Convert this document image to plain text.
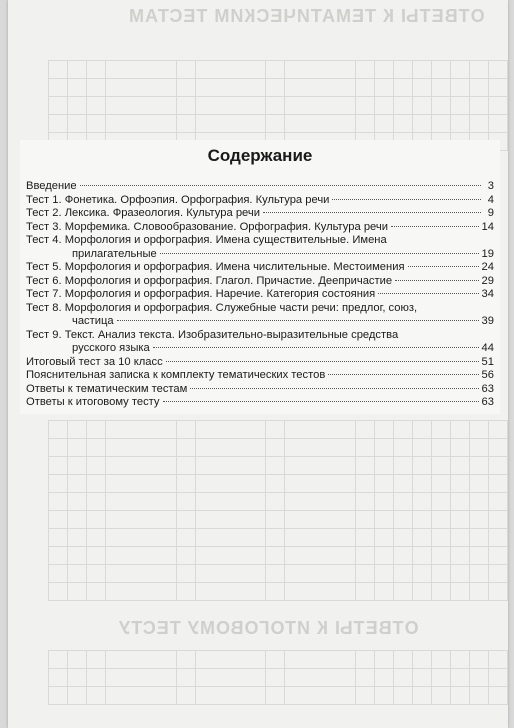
ОТВЕТЫ К ТЕМАТИЧЕСКИМ ТЕСТАМ

ОТВЕТЫ К ИТОГОВОМУ ТЕСТУ

Содержание
Введение	3
Тест 1. Фонетика. Орфоэпия. Орфография. Культура речи	4
Тест 2. Лексика. Фразеология. Культура речи	9
Тест 3. Морфемика. Словообразование. Орфография. Культура речи	14
Тест 4. Морфология и орфография. Имена существительные. Имена
прилагательные	19
Тест 5. Морфология и орфография. Имена числительные. Местоимения	24
Тест 6. Морфология и орфография. Глагол. Причастие. Деепричастие	29
Тест 7. Морфология и орфография. Наречие. Категория состояния	34
Тест 8. Морфология и орфография. Служебные части речи: предлог, союз,
частица	39
Тест 9. Текст. Анализ текста. Изобразительно-выразительные средства
русского языка	44
Итоговый тест за 10 класс	51
Пояснительная записка к комплекту тематических тестов	56
Ответы к тематическим тестам	63
Ответы к итоговому тесту	63
